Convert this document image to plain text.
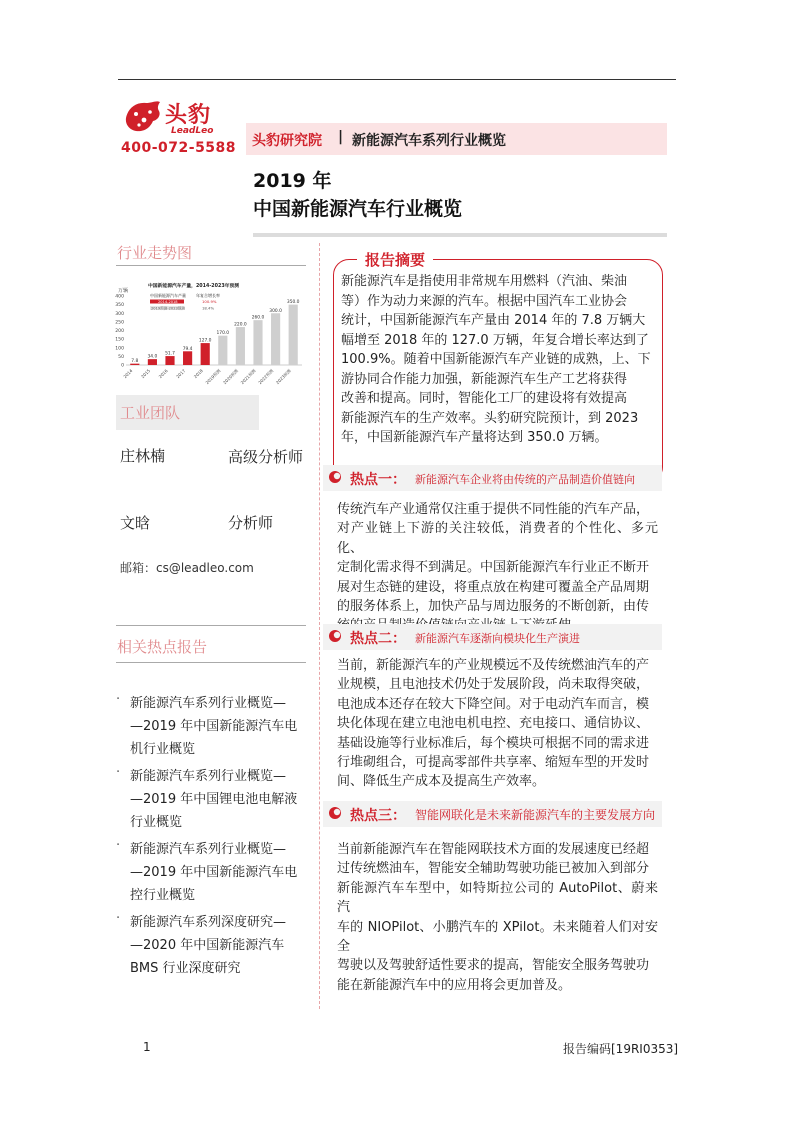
头豹
LeadLeo
400-072-5588 头豹研究院 | 新能源汽车系列行业概览
2019 年
中国新能源汽车行业概览
行业走势图
中国新能源汽车产量，2014-2023年预测
万辆
中国新能源汽车产量	年复合增长率
2014-2018	100.9%
2019预测-2023预测	18.4%
0
50
100
150
200
250
300
350
400
7.8
2014
34.0
2015
51.7
2016
79.4
2017
127.0
2018
170.0
2019预测
220.0
2020预测
260.0
2021预测
300.0
2022预测
350.0
2023预测
工业团队
庄林楠	高级分析师
文晗	分析师
邮箱：cs@leadleo.com
相关热点报告
· 新能源汽车系列行业概览—
—2019 年中国新能源汽车电
机行业概览
· 新能源汽车系列行业概览—
—2019 年中国锂电池电解液
行业概览
· 新能源汽车系列行业概览—
—2019 年中国新能源汽车电
控行业概览
· 新能源汽车系列深度研究—
—2020 年中国新能源汽车
BMS 行业深度研究
报告摘要
新能源汽车是指使用非常规车用燃料（汽油、柴油
等）作为动力来源的汽车。根据中国汽车工业协会
统计，中国新能源汽车产量由 2014 年的 7.8 万辆大
幅增至 2018 年的 127.0 万辆，年复合增长率达到了
100.9%。随着中国新能源汽车产业链的成熟，上、下
游协同合作能力加强，新能源汽车生产工艺将获得
改善和提高。同时，智能化工厂的建设将有效提高
新能源汽车的生产效率。头豹研究院预计，到 2023
年，中国新能源汽车产量将达到 350.0 万辆。
热点一： 新能源汽车企业将由传统的产品制造价值链向
传统汽车产业通常仅注重于提供不同性能的汽车产品，
对产业链上下游的关注较低，消费者的个性化、多元化、
定制化需求得不到满足。中国新能源汽车行业正不断开
展对生态链的建设，将重点放在构建可覆盖全产品周期
的服务体系上，加快产品与周边服务的不断创新，由传
热点二： 新能源汽车逐渐向模块化生产演进
当前，新能源汽车的产业规模远不及传统燃油汽车的产
业规模，且电池技术仍处于发展阶段，尚未取得突破，
电池成本还存在较大下降空间。对于电动汽车而言，模
块化体现在建立电池电机电控、充电接口、通信协议、
基础设施等行业标准后，每个模块可根据不同的需求进
行堆砌组合，可提高零部件共享率、缩短车型的开发时
间、降低生产成本及提高生产效率。
热点三： 智能网联化是未来新能源汽车的主要发展方向
当前新能源汽车在智能网联技术方面的发展速度已经超
过传统燃油车，智能安全辅助驾驶功能已被加入到部分
新能源汽车车型中，如特斯拉公司的 AutoPilot、蔚来汽
车的 NIOPilot、小鹏汽车的 XPilot。未来随着人们对安全
驾驶以及驾驶舒适性要求的提高，智能安全服务驾驶功
能在新能源汽车中的应用将会更加普及。
1	报告编码[19RI0353]
